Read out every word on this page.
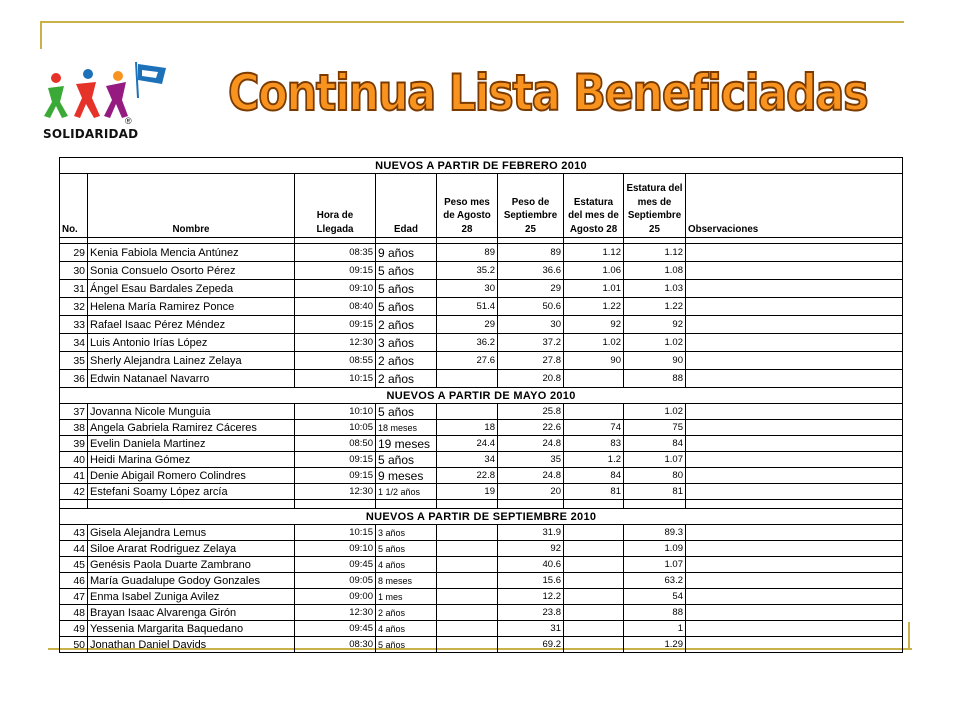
SOLIDARIDAD
® Continua Lista Beneficiadas
NUEVOS A PARTIR DE FEBRERO 2010								
No.	Nombre	Hora de Llegada	Edad	Peso mes de Agosto 28	Peso de Septiembre 25	Estatura del mes de Agosto 28	Estatura del mes de Septiembre 25	Observaciones

29	Kenia Fabiola Mencia Antúnez	08:35	9 años	89	89	1.12	1.12	
30	Sonia Consuelo Osorto Pérez	09:15	5 años	35.2	36.6	1.06	1.08	
31	Ángel Esau Bardales Zepeda	09:10	5 años	30	29	1.01	1.03	
32	Helena María Ramirez Ponce	08:40	5 años	51.4	50.6	1.22	1.22	
33	Rafael Isaac Pérez Méndez	09:15	2 años	29	30	92	92	
34	Luis Antonio Irías López	12:30	3 años	36.2	37.2	1.02	1.02	
35	Sherly Alejandra Lainez Zelaya	08:55	2 años	27.6	27.8	90	90	
36	Edwin Natanael Navarro	10:15	2 años		20.8		88	
NUEVOS A PARTIR DE MAYO 2010								
37	Jovanna Nicole Munguia	10:10	5 años		25.8		1.02	
38	Angela Gabriela Ramirez Cáceres	10:05	18 meses	18	22.6	74	75	
39	Evelin Daniela Martinez	08:50	19 meses	24.4	24.8	83	84	
40	Heidi Marina Gómez	09:15	5 años	34	35	1.2	1.07	
41	Denie Abigail Romero Colindres	09:15	9 meses	22.8	24.8	84	80	
42	Estefani Soamy López arcía	12:30	1 1/2 años	19	20	81	81	

NUEVOS A PARTIR DE SEPTIEMBRE 2010								
43	Gisela Alejandra Lemus	10:15	3 años		31.9		89.3	
44	Siloe Ararat Rodriguez Zelaya	09:10	5 años		92		1.09	
45	Genésis Paola Duarte Zambrano	09:45	4 años		40.6		1.07	
46	María Guadalupe Godoy Gonzales	09:05	8 meses		15.6		63.2	
47	Enma Isabel Zuniga Avilez	09:00	1 mes		12.2		54	
48	Brayan Isaac Alvarenga Girón	12:30	2 años		23.8		88	
49	Yessenia Margarita Baquedano	09:45	4 años		31		1	
50	Jonathan Daniel Davids	08:30	5 años		69.2		1.29	
